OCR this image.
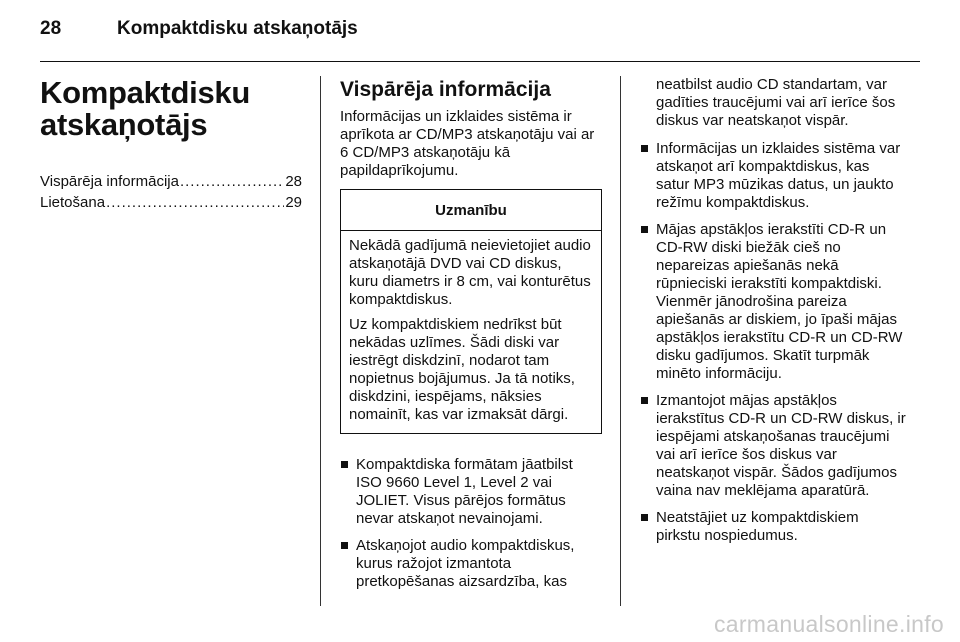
28	Kompaktdisku atskaņotājs
Kompaktdisku
atskaņotājs
Vispārēja informācija .....	28
Lietošana .....	29
Vispārēja informācija

Informācijas un izklaides sistēma ir aprīkota ar CD/MP3 atskaņotāju vai ar 6 CD/MP3 atskaņotāju kā papildaprīkojumu.

Uzmanību

Nekādā gadījumā neievietojiet audio atskaņotājā DVD vai CD diskus, kuru diametrs ir 8 cm, vai konturētus kompaktdiskus.

Uz kompaktdiskiem nedrīkst būt nekādas uzlīmes. Šādi diski var iestrēgt diskdzinī, nodarot tam nopietnus bojājumus. Ja tā notiks, diskdzini, iespējams, nāksies nomainīt, kas var izmaksāt dārgi.

Kompaktdiska formātam jāatbilst ISO 9660 Level 1, Level 2 vai JOLIET. Visus pārējos formātus nevar atskaņot nevainojami.
Atskaņojot audio kompaktdiskus, kurus ražojot izmantota pretkopēšanas aizsardzība, kas

neatbilst audio CD standartam, var gadīties traucējumi vai arī ierīce šos diskus var neatskaņot vispār.

Informācijas un izklaides sistēma var atskaņot arī kompaktdiskus, kas satur MP3 mūzikas datus, un jaukto režīmu kompaktdiskus.
Mājas apstākļos ierakstīti CD-R un CD-RW diski biežāk cieš no nepareizas apiešanās nekā rūpnieciski ierakstīti kompaktdiski. Vienmēr jānodrošina pareiza apiešanās ar diskiem, jo īpaši mājas apstākļos ierakstītu CD-R un CD-RW disku gadījumos. Skatīt turpmāk minēto informāciju.
Izmantojot mājas apstākļos ierakstītus CD-R un CD-RW diskus, ir iespējami atskaņošanas traucējumi vai arī ierīce šos diskus var neatskaņot vispār. Šādos gadījumos vaina nav meklējama aparatūrā.
Neatstājiet uz kompaktdiskiem pirkstu nospiedumus.
carmanualsonline.info
